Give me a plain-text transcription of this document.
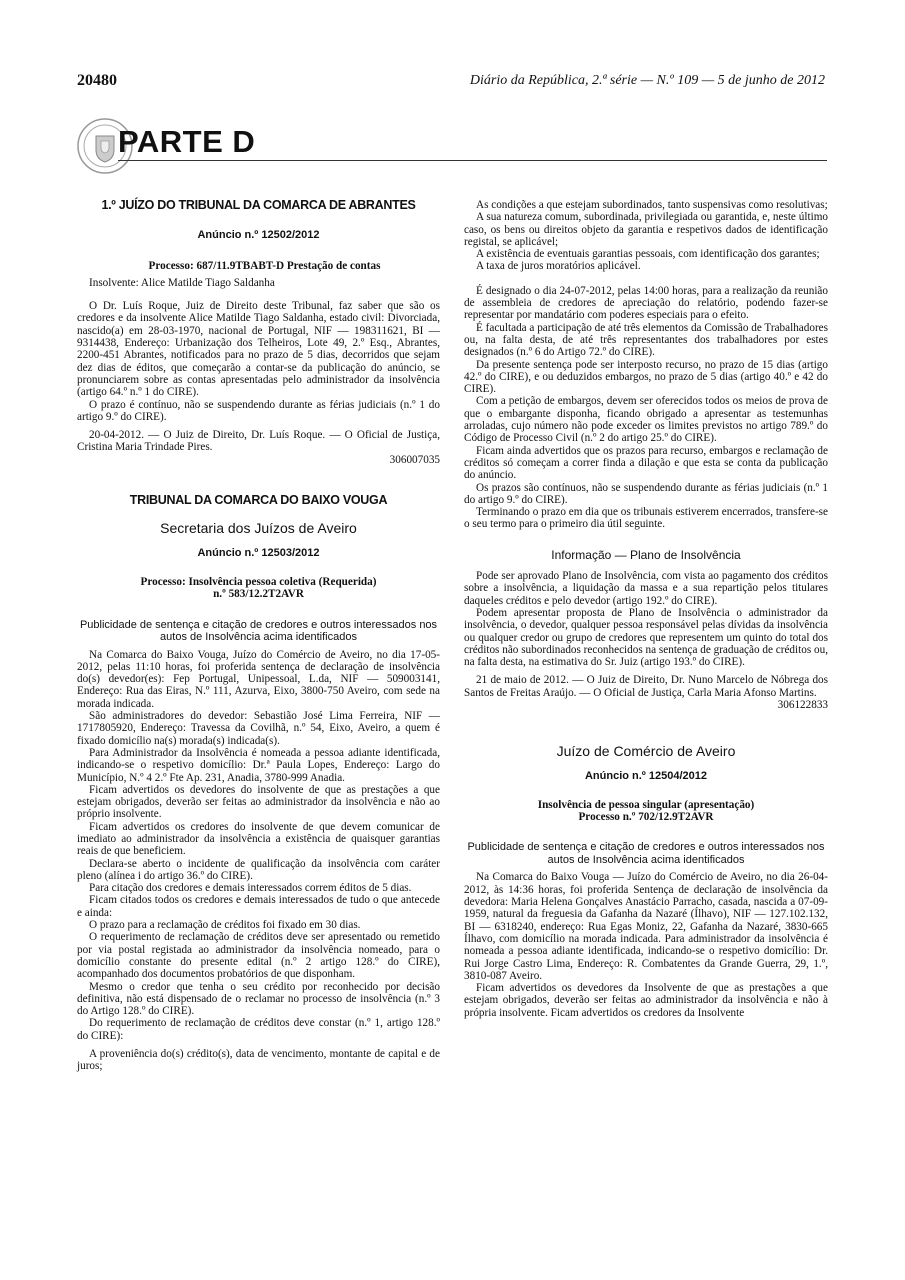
20480	Diário da República, 2.ª série — N.º 109 — 5 de junho de 2012
PARTE D
1.º JUÍZO DO TRIBUNAL DA COMARCA DE ABRANTES
Anúncio n.º 12502/2012

Processo: 687/11.9TBABT-D Prestação de contas

Insolvente: Alice Matilde Tiago Saldanha

O Dr. Luís Roque, Juiz de Direito deste Tribunal, faz saber que são os credores e da insolvente Alice Matilde Tiago Saldanha, estado civil: Divorciada, nascido(a) em 28-03-1970, nacional de Portugal, NIF — 198311621, BI — 9314438, Endereço: Urbanização dos Telheiros, Lote 49, 2.º Esq., Abrantes, 2200-451 Abrantes, notificados para no prazo de 5 dias, decorridos que sejam dez dias de éditos, que começarão a contar-se da publicação do anúncio, se pronunciarem sobre as contas apresentadas pelo administrador da insolvência (artigo 64.º n.º 1 do CIRE).

O prazo é contínuo, não se suspendendo durante as férias judiciais (n.º 1 do artigo 9.º do CIRE).

20-04-2012. — O Juiz de Direito, Dr. Luís Roque. — O Oficial de Justiça, Cristina Maria Trindade Pires.

306007035
TRIBUNAL DA COMARCA DO BAIXO VOUGA
Secretaria dos Juízos de Aveiro
Anúncio n.º 12503/2012
Processo: Insolvência pessoa coletiva (Requerida)
n.º 583/12.2T2AVR
Publicidade de sentença e citação de credores e outros interessados nos autos de Insolvência acima identificados

Na Comarca do Baixo Vouga, Juízo do Comércio de Aveiro, no dia 17-05-2012, pelas 11:10 horas, foi proferida sentença de declaração de insolvência do(s) devedor(es): Fep Portugal, Unipessoal, L.da, NIF — 509003141, Endereço: Rua das Eiras, N.º 111, Azurva, Eixo, 3800-750 Aveiro, com sede na morada indicada.

São administradores do devedor: Sebastião José Lima Ferreira, NIF — 1717805920, Endereço: Travessa da Covilhã, n.º 54, Eixo, Aveiro, a quem é fixado domicílio na(s) morada(s) indicada(s).

Para Administrador da Insolvência é nomeada a pessoa adiante identificada, indicando-se o respetivo domicílio: Dr.ª Paula Lopes, Endereço: Largo do Município, N.º 4 2.º Fte Ap. 231, Anadia, 3780-999 Anadia.

Ficam advertidos os devedores do insolvente de que as prestações a que estejam obrigados, deverão ser feitas ao administrador da insolvência e não ao próprio insolvente.

Ficam advertidos os credores do insolvente de que devem comunicar de imediato ao administrador da insolvência a existência de quaisquer garantias reais de que beneficiem.

Declara-se aberto o incidente de qualificação da insolvência com caráter pleno (alínea i do artigo 36.º do CIRE).

Para citação dos credores e demais interessados correm éditos de 5 dias.

Ficam citados todos os credores e demais interessados de tudo o que antecede e ainda:

O prazo para a reclamação de créditos foi fixado em 30 dias.

O requerimento de reclamação de créditos deve ser apresentado ou remetido por via postal registada ao administrador da insolvência nomeado, para o domicílio constante do presente edital (n.º 2 artigo 128.º do CIRE), acompanhado dos documentos probatórios de que disponham.

Mesmo o credor que tenha o seu crédito por reconhecido por decisão definitiva, não está dispensado de o reclamar no processo de insolvência (n.º 3 do Artigo 128.º do CIRE).

Do requerimento de reclamação de créditos deve constar (n.º 1, artigo 128.º do CIRE):

A proveniência do(s) crédito(s), data de vencimento, montante de capital e de juros;

As condições a que estejam subordinados, tanto suspensivas como resolutivas;

A sua natureza comum, subordinada, privilegiada ou garantida, e, neste último caso, os bens ou direitos objeto da garantia e respetivos dados de identificação registal, se aplicável;

A existência de eventuais garantias pessoais, com identificação dos garantes;

A taxa de juros moratórios aplicável.

É designado o dia 24-07-2012, pelas 14:00 horas, para a realização da reunião de assembleia de credores de apreciação do relatório, podendo fazer-se representar por mandatário com poderes especiais para o efeito.

É facultada a participação de até três elementos da Comissão de Trabalhadores ou, na falta desta, de até três representantes dos trabalhadores por estes designados (n.º 6 do Artigo 72.º do CIRE).

Da presente sentença pode ser interposto recurso, no prazo de 15 dias (artigo 42.º do CIRE), e ou deduzidos embargos, no prazo de 5 dias (artigo 40.º e 42 do CIRE).

Com a petição de embargos, devem ser oferecidos todos os meios de prova de que o embargante disponha, ficando obrigado a apresentar as testemunhas arroladas, cujo número não pode exceder os limites previstos no artigo 789.º do Código de Processo Civil (n.º 2 do artigo 25.º do CIRE).

Ficam ainda advertidos que os prazos para recurso, embargos e reclamação de créditos só começam a correr finda a dilação e que esta se conta da publicação do anúncio.

Os prazos são contínuos, não se suspendendo durante as férias judiciais (n.º 1 do artigo 9.º do CIRE).

Terminando o prazo em dia que os tribunais estiverem encerrados, transfere-se o seu termo para o primeiro dia útil seguinte.

Informação — Plano de Insolvência

Pode ser aprovado Plano de Insolvência, com vista ao pagamento dos créditos sobre a insolvência, a liquidação da massa e a sua repartição pelos titulares daqueles créditos e pelo devedor (artigo 192.º do CIRE).

Podem apresentar proposta de Plano de Insolvência o administrador da insolvência, o devedor, qualquer pessoa responsável pelas dívidas da insolvência ou qualquer credor ou grupo de credores que representem um quinto do total dos créditos não subordinados reconhecidos na sentença de graduação de créditos ou, na falta desta, na estimativa do Sr. Juiz (artigo 193.º do CIRE).

21 de maio de 2012. — O Juiz de Direito, Dr. Nuno Marcelo de Nóbrega dos Santos de Freitas Araújo. — O Oficial de Justiça, Carla Maria Afonso Martins.

306122833
Juízo de Comércio de Aveiro
Anúncio n.º 12504/2012
Insolvência de pessoa singular (apresentação)
Processo n.º 702/12.9T2AVR
Publicidade de sentença e citação de credores e outros interessados nos autos de Insolvência acima identificados

Na Comarca do Baixo Vouga — Juízo do Comércio de Aveiro, no dia 26-04-2012, às 14:36 horas, foi proferida Sentença de declaração de insolvência da devedora: Maria Helena Gonçalves Anastácio Parracho, casada, nascida a 07-09-1959, natural da freguesia da Gafanha da Nazaré (Ílhavo), NIF — 127.102.132, BI — 6318240, endereço: Rua Egas Moniz, 22, Gafanha da Nazaré, 3830-665 Ílhavo, com domicílio na morada indicada. Para administrador da insolvência é nomeada a pessoa adiante identificada, indicando-se o respetivo domicílio: Dr. Rui Jorge Castro Lima, Endereço: R. Combatentes da Grande Guerra, 29, 1.º, 3810-087 Aveiro.

Ficam advertidos os devedores da Insolvente de que as prestações a que estejam obrigados, deverão ser feitas ao administrador da insolvência e não à própria insolvente. Ficam advertidos os credores da Insolvente
